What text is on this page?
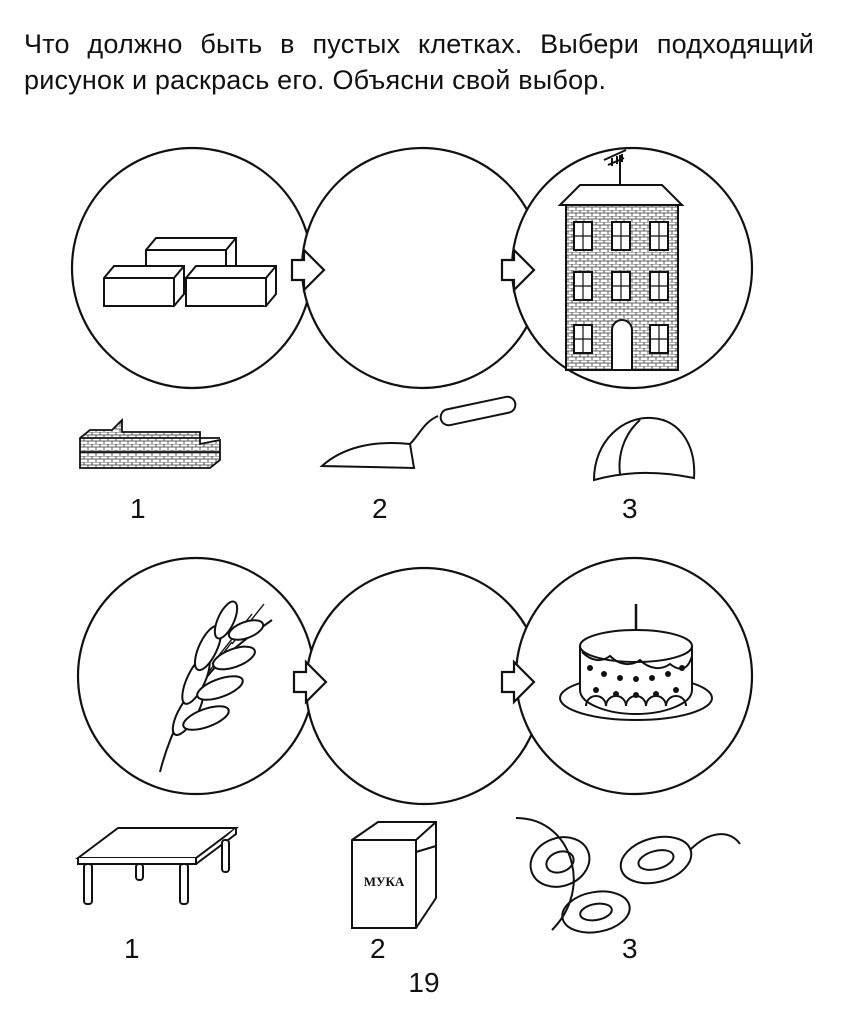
Что должно быть в пустых клетках. Выбери подходящий рисунок и раскрась его. Объясни свой выбор.

1	2	3
1
МУКА
2	3
19
